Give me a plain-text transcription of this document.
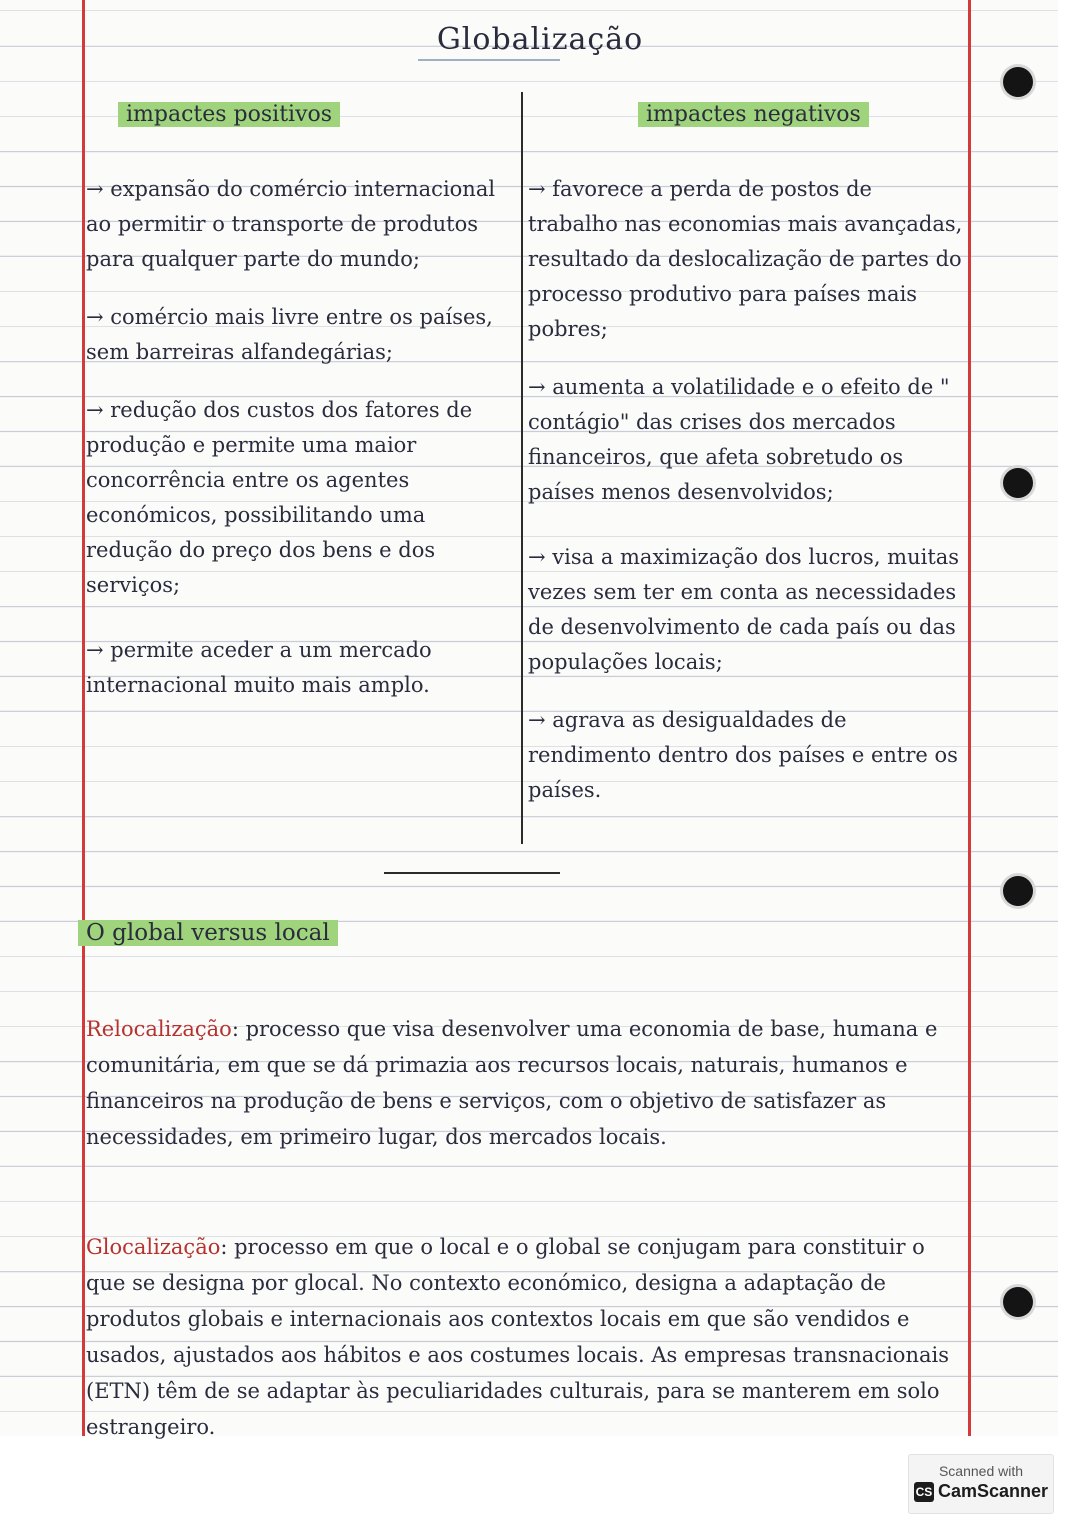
Globalização
impactes positivos	impactes negativos

→ expansão do comércio internacional ao permitir o transporte de produtos para qualquer parte do mundo;

→ comércio mais livre entre os países, sem barreiras alfandegárias;

→ redução dos custos dos fatores de produção e permite uma maior concorrência entre os agentes económicos, possibilitando uma redução do preço dos bens e dos serviços;

→ permite aceder a um mercado internacional muito mais amplo.

→ favorece a perda de postos de trabalho nas economias mais avançadas, resultado da deslocalização de partes do processo produtivo para países mais pobres;

→ aumenta a volatilidade e o efeito de " contágio" das crises dos mercados financeiros, que afeta sobretudo os países menos desenvolvidos;

→ visa a maximização dos lucros, muitas vezes sem ter em conta as necessidades de desenvolvimento de cada país ou das populações locais;

→ agrava as desigualdades de rendimento dentro dos países e entre os países.

O global versus local

Relocalização: processo que visa desenvolver uma economia de base, humana e comunitária, em que se dá primazia aos recursos locais, naturais, humanos e financeiros na produção de bens e serviços, com o objetivo de satisfazer as necessidades, em primeiro lugar, dos mercados locais.

Glocalização: processo em que o local e o global se conjugam para constituir o que se designa por glocal. No contexto económico, designa a adaptação de produtos globais e internacionais aos contextos locais em que são vendidos e usados, ajustados aos hábitos e aos costumes locais. As empresas transnacionais (ETN) têm de se adaptar às peculiaridades culturais, para se manterem em solo estrangeiro.

Scanned with
CS CamScanner
